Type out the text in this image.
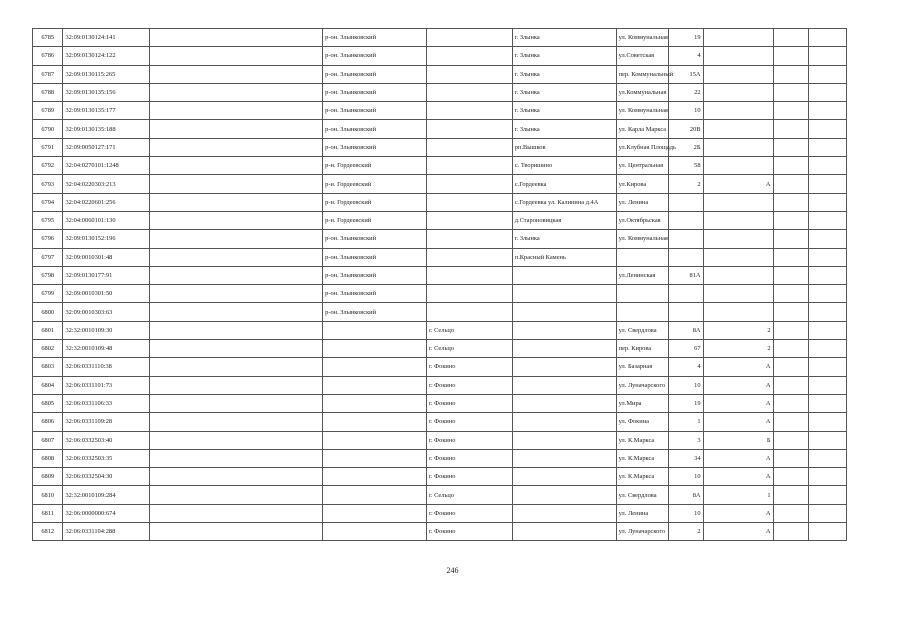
6785	32:09:0130124:141		р-он. Злынковский		г. Злынка	ул. Коммунальная	19			
6786	32:09:0130124:122		р-он. Злынковский		г. Злынка	ул.Советская	4			
6787	32:09:0130115:265		р-он. Злынковский		г. Злынка	пер. Коммунальный	15А			
6788	32:09:0130135:156		р-он. Злынковский		г. Злынка	ул.Коммунальная	22			
6789	32:09:0130135:177		р-он. Злынковский		г. Злынка	ул. Коммунальная	10			
6790	32:09:0130135:188		р-он. Злынковский		г. Злынка	ул. Карла Маркса	20В			
6791	32:09:0050127:171		р-он. Злынковский		рп.Вышков	ул.Клубная Площадь	2Б			
6792	32:04:0270101:1248		р-н. Гордеевский		с. Творишино	ул. Центральная	58			
6793	32:04:0220303:213		р-н. Гордеевский		с.Гордеевка	ул.Кирова	2	А		
6794	32:04:0220601:256		р-н. Гордеевский		с.Гордеевка ул. Калинина д.4А	ул. Ленина				
6795	32:04:0060101:130		р-н. Гордеевский		д.Староновицкая	ул.Октябрьская				
6796	32:09:0130152:196		р-он. Злынковский		г. Злынка	ул. Коммунальная				
6797	32:09:0010301:48		р-он. Злынковский		п.Красный Камень					
6798	32:09:0130177:91		р-он. Злынковский			ул.Ленинская	81А			
6799	32:09:0010301:50		р-он. Злынковский							
6800	32:09:0010303:63		р-он. Злынковский							
6801	32:32:0010109:30			г. Сельцо		ул. Свердлова	8А	2		
6802	32:32:0010109:48			г. Сельцо		пер. Кирова	67	2		
6803	32:06:0331110:38			г. Фокино		ул. Базарная	4	А		
6804	32:06:0331101:73			г. Фокино		ул. Луначарского	10	А		
6805	32:06:0331106:33			г. Фокино		ул.Мира	19	А		
6806	32:06:0331109:28			г. Фокино		ул. Фокина	1	А		
6807	32:06:0332503:40			г. Фокино		ул. К.Маркса	3	Б		
6808	32:06:0332503:35			г. Фокино		ул. К.Маркса	34	А		
6809	32:06:0332504:30			г. Фокино		ул. К.Маркса	10	А		
6810	32:32:0010109:284			г. Сельцо		ул. Свердлова	8А	1		
6811	32:06:0000000:674			г. Фокино		ул. Ленина	10	А		
6812	32:06:0331104:288			г. Фокино		ул. Луначарского	2	А		
246
